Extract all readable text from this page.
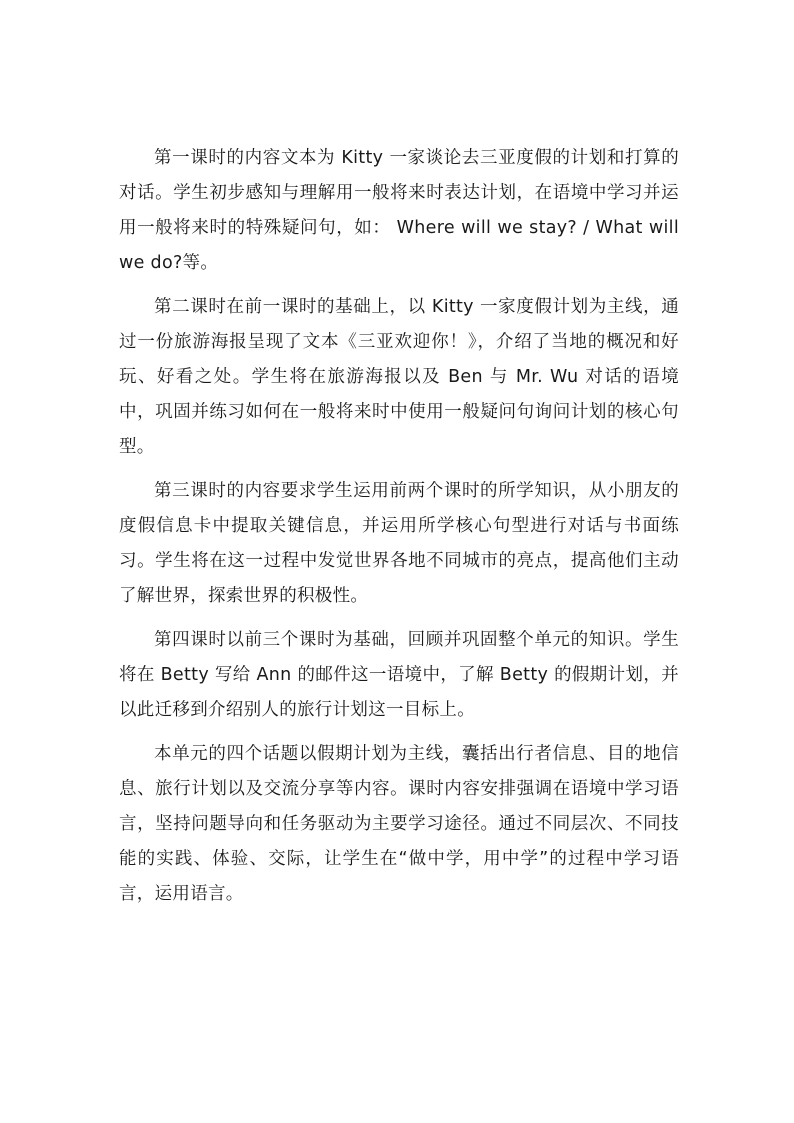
第一课时的内容文本为 Kitty 一家谈论去三亚度假的计划和打算的对话。学生初步感知与理解用一般将来时表达计划，在语境中学习并运用一般将来时的特殊疑问句，如： Where will we stay? / What will we do?等。

第二课时在前一课时的基础上，以 Kitty 一家度假计划为主线，通过一份旅游海报呈现了文本《三亚欢迎你！》，介绍了当地的概况和好玩、好看之处。学生将在旅游海报以及 Ben 与 Mr. Wu 对话的语境中，巩固并练习如何在一般将来时中使用一般疑问句询问计划的核心句型。

第三课时的内容要求学生运用前两个课时的所学知识，从小朋友的度假信息卡中提取关键信息，并运用所学核心句型进行对话与书面练习。学生将在这一过程中发觉世界各地不同城市的亮点，提高他们主动了解世界，探索世界的积极性。

第四课时以前三个课时为基础，回顾并巩固整个单元的知识。学生将在 Betty 写给 Ann 的邮件这一语境中，了解 Betty 的假期计划，并以此迁移到介绍别人的旅行计划这一目标上。

本单元的四个话题以假期计划为主线，囊括出行者信息、目的地信息、旅行计划以及交流分享等内容。课时内容安排强调在语境中学习语言，坚持问题导向和任务驱动为主要学习途径。通过不同层次、不同技能的实践、体验、交际，让学生在“做中学，用中学”的过程中学习语言，运用语言。
